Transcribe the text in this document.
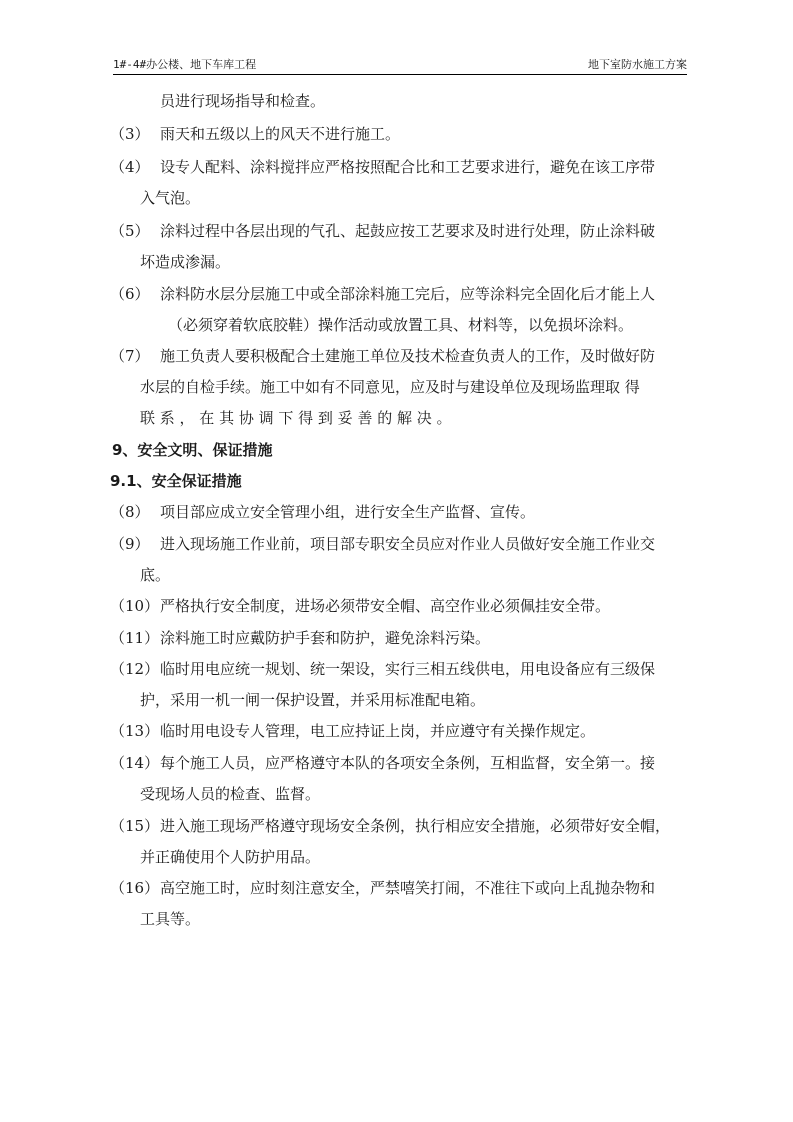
1#-4#办公楼、地下车库工程	地下室防水施工方案
员进行现场指导和检查。
（3） 雨天和五级以上的风天不进行施工。
（4） 设专人配料、涂料搅拌应严格按照配合比和工艺要求进行，避免在该工序带
入气泡。
（5） 涂料过程中各层出现的气孔、起鼓应按工艺要求及时进行处理，防止涂料破
坏造成渗漏。
（6） 涂料防水层分层施工中或全部涂料施工完后，应等涂料完全固化后才能上人
（必须穿着软底胶鞋）操作活动或放置工具、材料等，以免损坏涂料。
（7） 施工负责人要积极配合土建施工单位及技术检查负责人的工作，及时做好防
水层的自检手续。施工中如有不同意见，应及时与建设单位及现场监理取 得
联 系 ， 在 其 协 调 下 得 到 妥 善 的 解 决 。
9、安全文明、保证措施
9.1、安全保证措施
（8） 项目部应成立安全管理小组，进行安全生产监督、宣传。
（9） 进入现场施工作业前，项目部专职安全员应对作业人员做好安全施工作业交
底。
（10） 严格执行安全制度，进场必须带安全帽、高空作业必须佩挂安全带。
（11） 涂料施工时应戴防护手套和防护，避免涂料污染。
（12） 临时用电应统一规划、统一架设，实行三相五线供电，用电设备应有三级保
护，采用一机一闸一保护设置，并采用标准配电箱。
（13） 临时用电设专人管理，电工应持证上岗，并应遵守有关操作规定。
（14） 每个施工人员，应严格遵守本队的各项安全条例，互相监督，安全第一。接
受现场人员的检查、监督。
（15） 进入施工现场严格遵守现场安全条例，执行相应安全措施，必须带好安全帽，
并正确使用个人防护用品。
（16） 高空施工时，应时刻注意安全，严禁嘻笑打闹，不准往下或向上乱抛杂物和
工具等。
